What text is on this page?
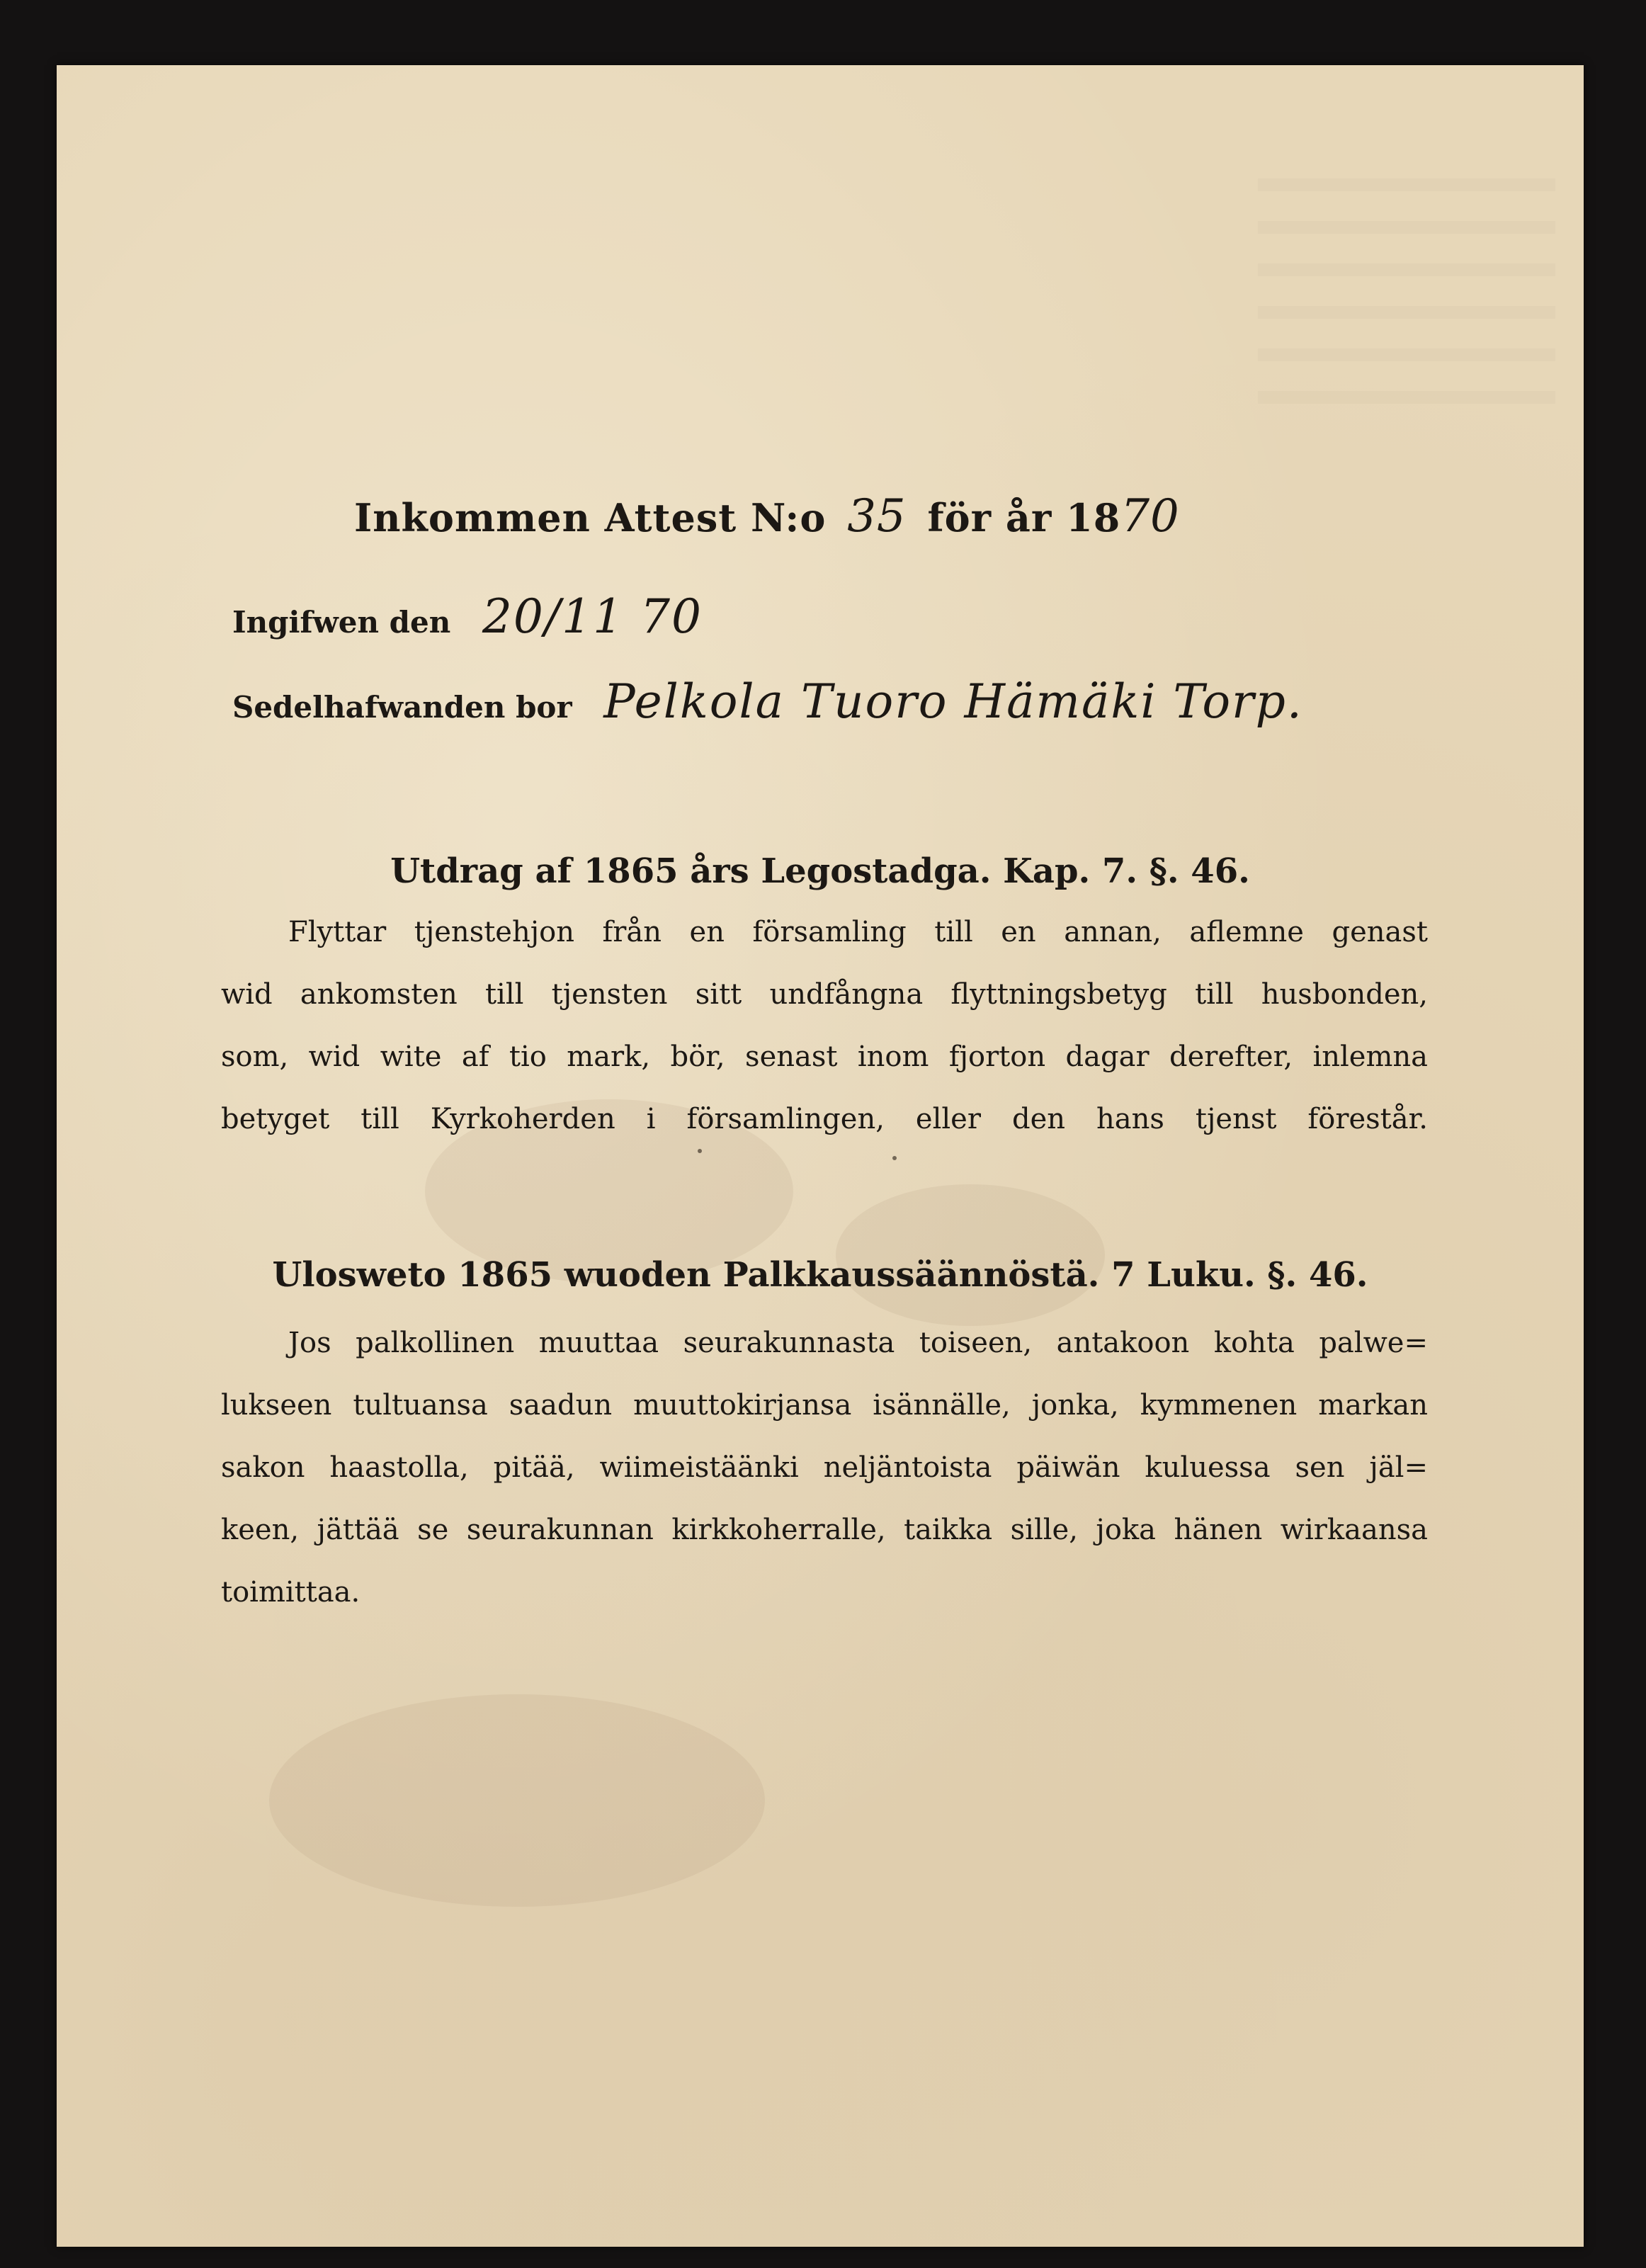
Inkommen Attest N:o 35 för år 1870
Ingifwen den 20/11 70
Sedelhafwanden bor Pelkola Tuoro Hämäki Torp.
Utdrag af 1865 års Legostadga. Kap. 7. §. 46.
Flyttar tjenstehjon från en församling till en annan, aflemne genast
wid ankomsten till tjensten sitt undfångna flyttningsbetyg till husbonden,
som, wid wite af tio mark, bör, senast inom fjorton dagar derefter, inlemna
betyget till Kyrkoherden i församlingen, eller den hans tjenst förestår.
Ulosweto 1865 wuoden Palkkaussäännöstä. 7 Luku. §. 46.
Jos palkollinen muuttaa seurakunnasta toiseen, antakoon kohta palwe=
lukseen tultuansa saadun muuttokirjansa isännälle, jonka, kymmenen markan
sakon haastolla, pitää, wiimeistäänki neljäntoista päiwän kuluessa sen jäl=
keen, jättää se seurakunnan kirkkoherralle, taikka sille, joka hänen wirkaansa
toimittaa.
